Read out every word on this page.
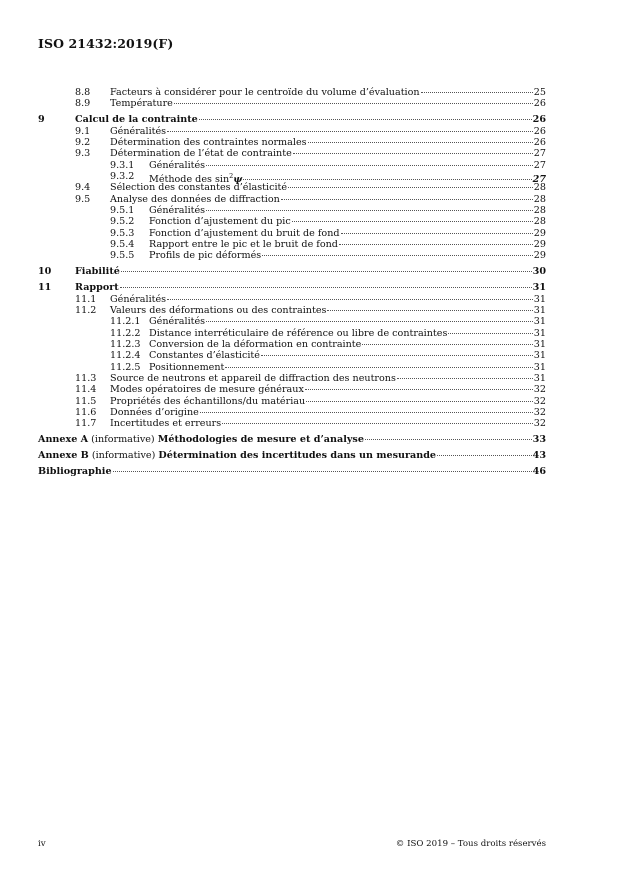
ISO 21432:2019(F)
8.8 Facteurs à considérer pour le centroïde du volume d’évaluation	25
8.9 Température	26
9	Calcul de la contrainte	26
9.1 Généralités	26
9.2 Détermination des contraintes normales	26
9.3 Détermination de l’état de contrainte	27
9.3.1 Généralités	27
9.3.2 Méthode des $\sin^2\psi$	27
9.4 Sélection des constantes d’élasticité	28
9.5 Analyse des données de diffraction	28
9.5.1 Généralités	28
9.5.2 Fonction d’ajustement du pic	28
9.5.3 Fonction d’ajustement du bruit de fond	29
9.5.4 Rapport entre le pic et le bruit de fond	29
9.5.5 Profils de pic déformés	29
10 Fiabilité	30
11 Rapport	31
11.1 Généralités	31
11.2 Valeurs des déformations ou des contraintes	31
11.2.1 Généralités	31
11.2.2 Distance interréticulaire de référence ou libre de contraintes	31
11.2.3 Conversion de la déformation en contrainte	31
11.2.4 Constantes d’élasticité	31
11.2.5 Positionnement	31
11.3 Source de neutrons et appareil de diffraction des neutrons	31
11.4 Modes opératoires de mesure généraux	32
11.5 Propriétés des échantillons/du matériau	32
11.6 Données d’origine	32
11.7 Incertitudes et erreurs	32
Annexe A (informative) Méthodologies de mesure et d’analyse	33
Annexe B (informative) Détermination des incertitudes dans un mesurande	43
Bibliographie	46
iv	© ISO 2019 – Tous droits réservés
